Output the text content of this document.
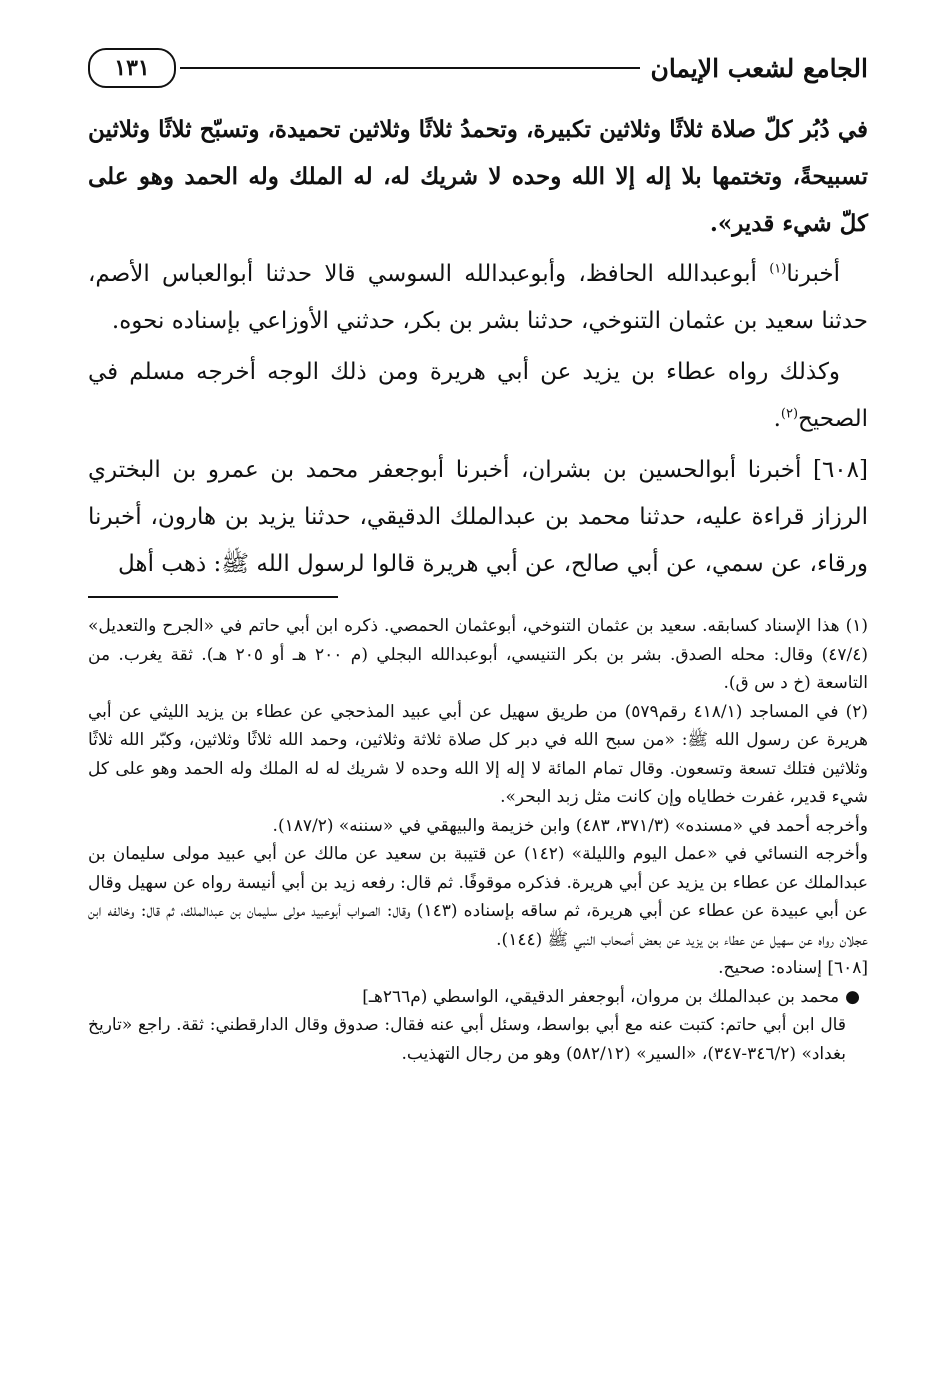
الجامع لشعب الإيمان
١٣١

في دُبُر كلّ صلاة ثلاثًا وثلاثين تكبيرة، وتحمدُ ثلاثًا وثلاثين تحميدة، وتسبّح ثلاثًا وثلاثين تسبيحةً، وتختمها بلا إله إلا الله وحده لا شريك له، له الملك وله الحمد وهو على كلّ شيء قدير».

أخبرنا$^{(١)}$ أبوعبدالله الحافظ، وأبوعبدالله السوسي قالا حدثنا أبوالعباس الأصم، حدثنا سعيد بن عثمان التنوخي، حدثنا بشر بن بكر، حدثني الأوزاعي بإسناده نحوه.

وكذلك رواه عطاء بن يزيد عن أبي هريرة ومن ذلك الوجه أخرجه مسلم في الصحيح$^{(٢)}$.

[٦٠٨] أخبرنا أبوالحسين بن بشران، أخبرنا أبوجعفر محمد بن عمرو بن البختري الرزاز قراءة عليه، حدثنا محمد بن عبدالملك الدقيقي، حدثنا يزيد بن هارون، أخبرنا ورقاء، عن سمي، عن أبي صالح، عن أبي هريرة قالوا لرسول الله ﷺ: ذهب أهل

(١) هذا الإسناد كسابقه. سعيد بن عثمان التنوخي، أبوعثمان الحمصي. ذكره ابن أبي حاتم في «الجرح والتعديل» (٤٧/٤) وقال: محله الصدق. بشر بن بكر التنيسي، أبوعبدالله البجلي (م ٢٠٠ هـ أو ٢٠٥ هـ). ثقة يغرب. من التاسعة (خ د س ق).

(٢) في المساجد (٤١٨/١ رقم٥٧٩) من طريق سهيل عن أبي عبيد المذحجي عن عطاء بن يزيد الليثي عن أبي هريرة عن رسول الله ﷺ: «من سبح الله في دبر كل صلاة ثلاثة وثلاثين، وحمد الله ثلاثًا وثلاثين، وكبّر الله ثلاثًا وثلاثين فتلك تسعة وتسعون. وقال تمام المائة لا إله إلا الله وحده لا شريك له له الملك وله الحمد وهو على كل شيء قدير، غفرت خطاياه وإن كانت مثل زبد البحر».

وأخرجه أحمد في «مسنده» (٣٧١/٣، ٤٨٣) وابن خزيمة والبيهقي في «سننه» (١٨٧/٢).

وأخرجه النسائي في «عمل اليوم والليلة» (١٤٢) عن قتيبة بن سعيد عن مالك عن أبي عبيد مولى سليمان بن عبدالملك عن عطاء بن يزيد عن أبي هريرة. فذكره موقوفًا. ثم قال: رفعه زيد بن أبي أنيسة رواه عن سهيل وقال عن أبي عبيدة عن عطاء عن أبي هريرة، ثم ساقه بإسناده (١٤٣) وقال: الصواب أبوعبيد مولى سليمان بن عبدالملك، ثم قال: وخالفه ابن عجلان رواه عن سهيل عن عطاء بن يزيد عن بعض أصحاب النبي ﷺ (١٤٤).

[٦٠٨] إسناده: صحيح.

●محمد بن عبدالملك بن مروان، أبوجعفر الدقيقي، الواسطي (م٢٦٦هـ]

قال ابن أبي حاتم: كتبت عنه مع أبي بواسط، وسئل أبي عنه فقال: صدوق وقال الدارقطني: ثقة. راجع «تاريخ بغداد» (٣٤٦/٢-٣٤٧)، «السير» (٥٨٢/١٢) وهو من رجال التهذيب.
